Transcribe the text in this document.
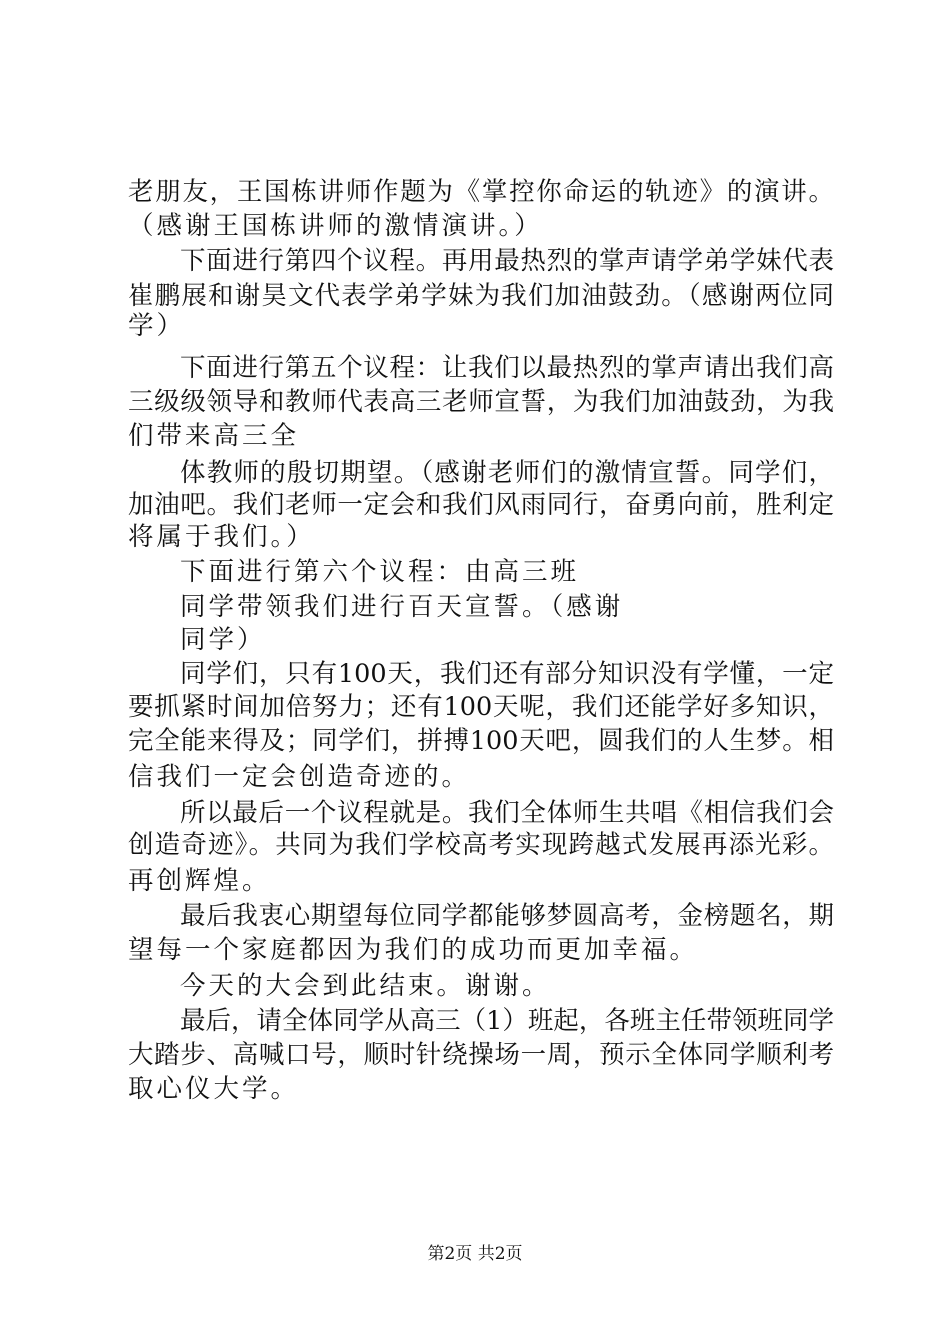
老朋友，王国栋讲师作题为《掌控你命运的轨迹》的演讲。
（感谢王国栋讲师的激情演讲。）
下面进行第四个议程。再用最热烈的掌声请学弟学妹代表
崔鹏展和谢昊文代表学弟学妹为我们加油鼓劲。（感谢两位同
学）
下面进行第五个议程：让我们以最热烈的掌声请出我们高
三级级领导和教师代表高三老师宣誓，为我们加油鼓劲，为我
们带来高三全
体教师的殷切期望。（感谢老师们的激情宣誓。同学们，
加油吧。我们老师一定会和我们风雨同行，奋勇向前，胜利定
将属于我们。）
下面进行第六个议程：由高三班
同学带领我们进行百天宣誓。（感谢
同学）
同学们，只有100天，我们还有部分知识没有学懂，一定
要抓紧时间加倍努力；还有100天呢，我们还能学好多知识，
完全能来得及；同学们，拼搏100天吧，圆我们的人生梦。相
信我们一定会创造奇迹的。
所以最后一个议程就是。我们全体师生共唱《相信我们会
创造奇迹》。共同为我们学校高考实现跨越式发展再添光彩。
再创辉煌。
最后我衷心期望每位同学都能够梦圆高考，金榜题名，期
望每一个家庭都因为我们的成功而更加幸福。
今天的大会到此结束。谢谢。
最后，请全体同学从高三（1）班起，各班主任带领班同学
大踏步、高喊口号，顺时针绕操场一周，预示全体同学顺利考
取心仪大学。
第2页 共2页
